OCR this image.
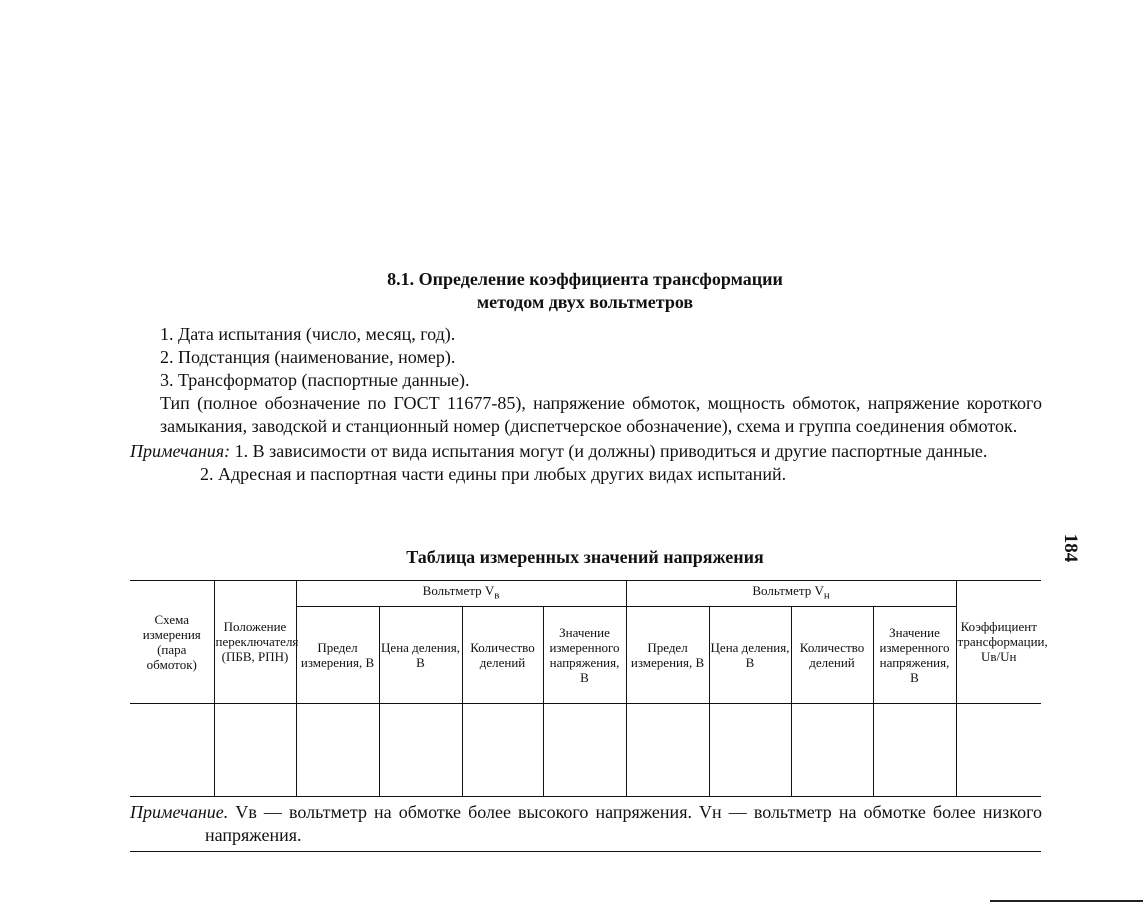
8.1. Определение коэффициента трансформации
методом двух вольтметров

1. Дата испытания (число, месяц, год).

2. Подстанция (наименование, номер).

3. Трансформатор (паспортные данные).

Тип (полное обозначение по ГОСТ 11677-85), напряжение обмоток, мощность обмоток, напряжение короткого замыкания, заводской и станционный номер (диспетчерское обозначение), схема и группа соединения обмоток.

Примечания: 1. В зависимости от вида испытания могут (и должны) приводиться и другие паспортные данные.

2. Адресная и паспортная части едины при любых других видах испытаний.

184
Таблица измеренных значений напряжения
Схема измерения (пара обмоток)	Положение переключателя (ПБВ, РПН)	Вольтметр $V_в$				Вольтметр $V_н$				Коэффициент трансформации,
Uв/Uн
		Предел измерения, В	Цена деления, В	Количество делений	Значение измеренного напряжения, В	Предел измерения, В	Цена деления, В	Количество делений	Значение измеренного напряжения, В	

Примечание. Vв — вольтметр на обмотке более высокого напряжения. Vн — вольтметр на обмотке более низкого напряжения.
